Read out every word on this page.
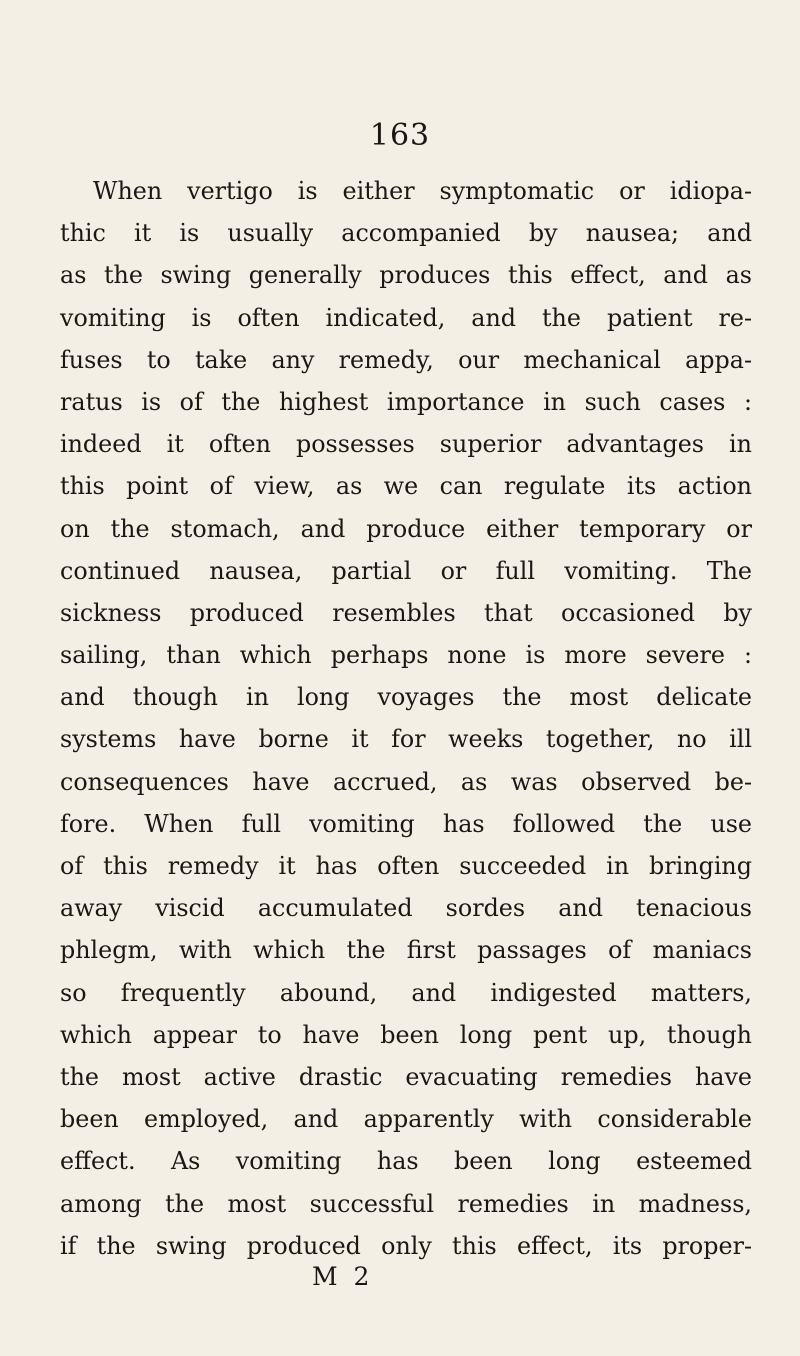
163
When vertigo is either symptomatic or idiopa-
thic it is usually accompanied by nausea; and
as the swing generally produces this effect, and as
vomiting is often indicated, and the patient re-
fuses to take any remedy, our mechanical appa-
ratus is of the highest importance in such cases :
indeed it often possesses superior advantages in
this point of view, as we can regulate its action
on the stomach, and produce either temporary or
continued nausea, partial or full vomiting. The
sickness produced resembles that occasioned by
sailing, than which perhaps none is more severe :
and though in long voyages the most delicate
systems have borne it for weeks together, no ill
consequences have accrued, as was observed be-
fore. When full vomiting has followed the use
of this remedy it has often succeeded in bringing
away viscid accumulated sordes and tenacious
phlegm, with which the first passages of maniacs
so frequently abound, and indigested matters,
which appear to have been long pent up, though
the most active drastic evacuating remedies have
been employed, and apparently with considerable
effect. As vomiting has been long esteemed
among the most successful remedies in madness,
if the swing produced only this effect, its proper-
M 2
